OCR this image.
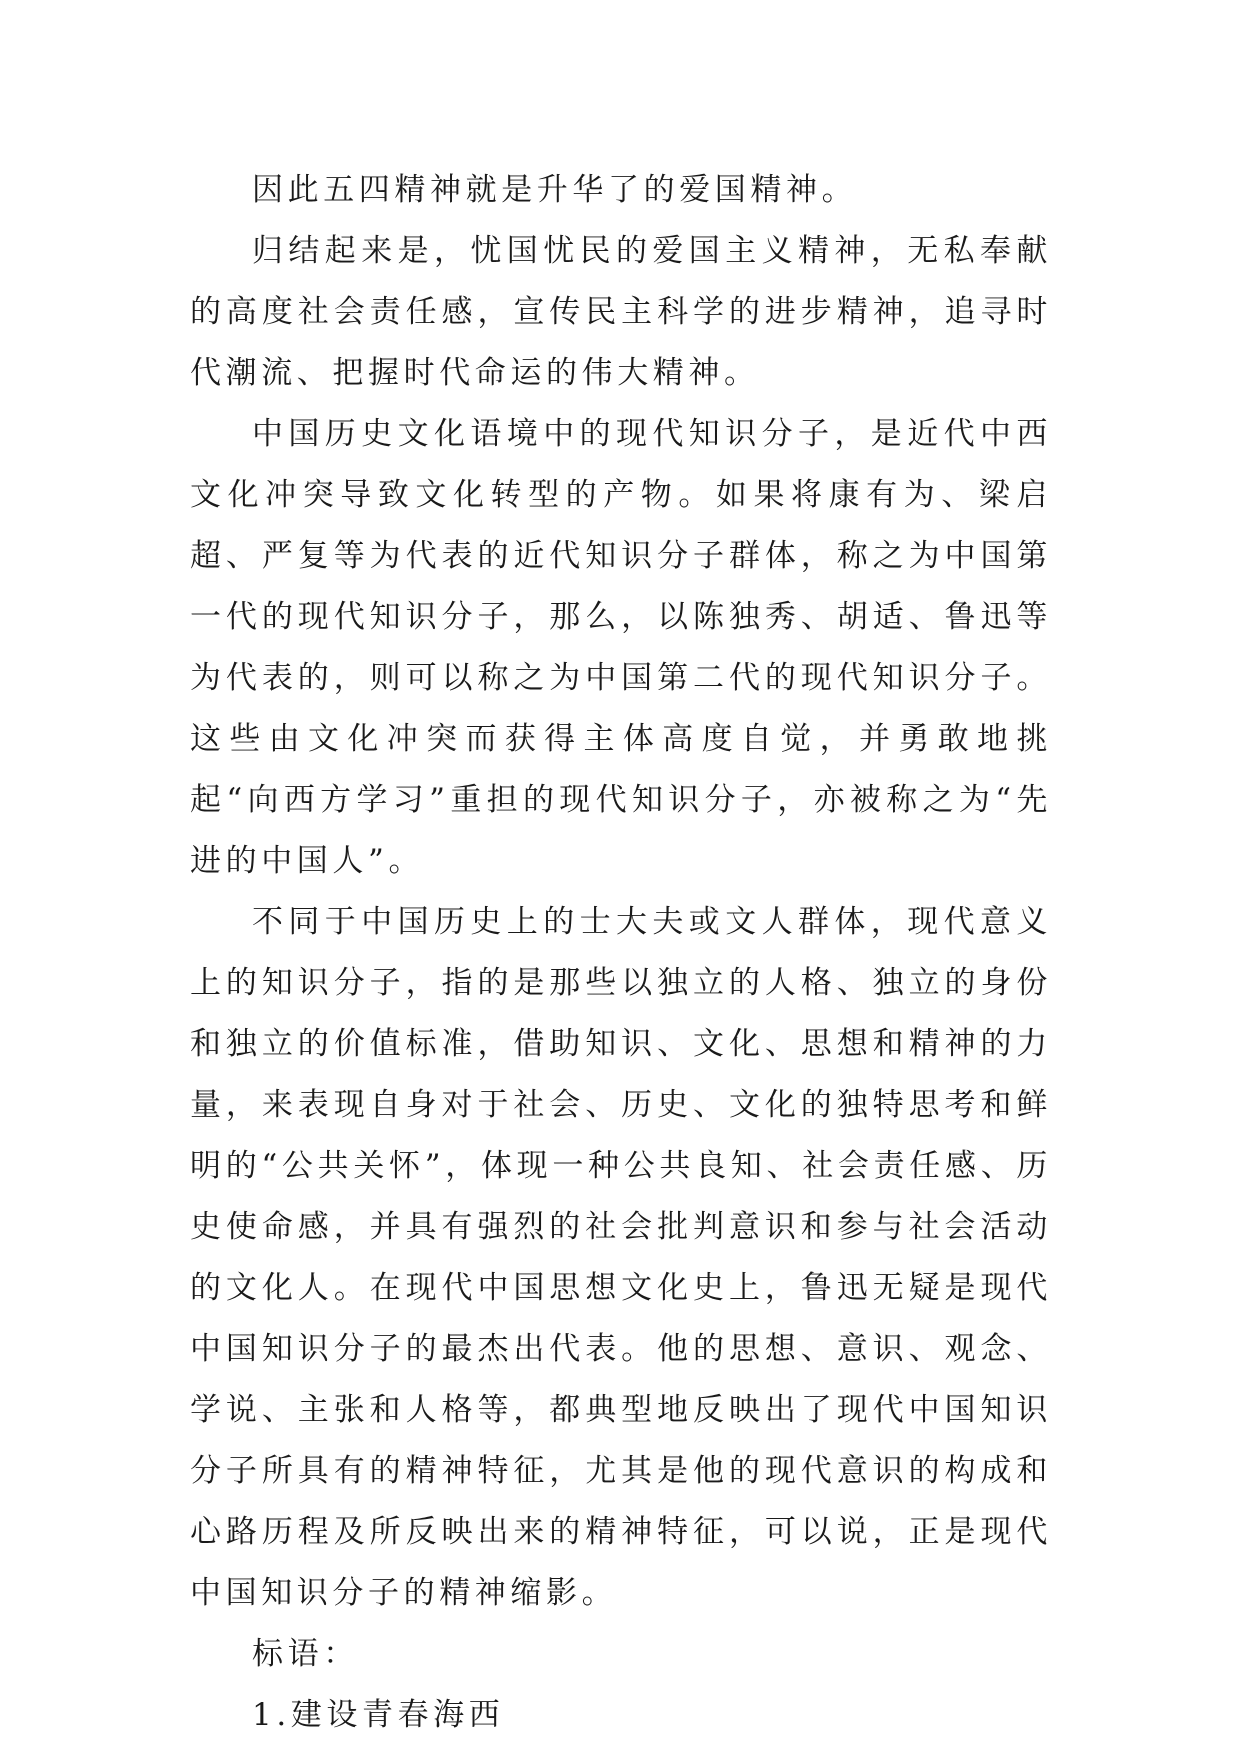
因此五四精神就是升华了的爱国精神。

归结起来是，忧国忧民的爱国主义精神，无私奉献的高度社会责任感，宣传民主科学的进步精神，追寻时代潮流、把握时代命运的伟大精神。

中国历史文化语境中的现代知识分子，是近代中西文化冲突导致文化转型的产物。如果将康有为、梁启超、严复等为代表的近代知识分子群体，称之为中国第一代的现代知识分子，那么，以陈独秀、胡适、鲁迅等为代表的，则可以称之为中国第二代的现代知识分子。这些由文化冲突而获得主体高度自觉，并勇敢地挑起“向西方学习”重担的现代知识分子，亦被称之为“先进的中国人”。

不同于中国历史上的士大夫或文人群体，现代意义上的知识分子，指的是那些以独立的人格、独立的身份和独立的价值标准，借助知识、文化、思想和精神的力量，来表现自身对于社会、历史、文化的独特思考和鲜明的“公共关怀”，体现一种公共良知、社会责任感、历史使命感，并具有强烈的社会批判意识和参与社会活动的文化人。在现代中国思想文化史上，鲁迅无疑是现代中国知识分子的最杰出代表。他的思想、意识、观念、学说、主张和人格等，都典型地反映出了现代中国知识分子所具有的精神特征，尤其是他的现代意识的构成和心路历程及所反映出来的精神特征，可以说，正是现代中国知识分子的精神缩影。

标语：

1.建设青春海西
